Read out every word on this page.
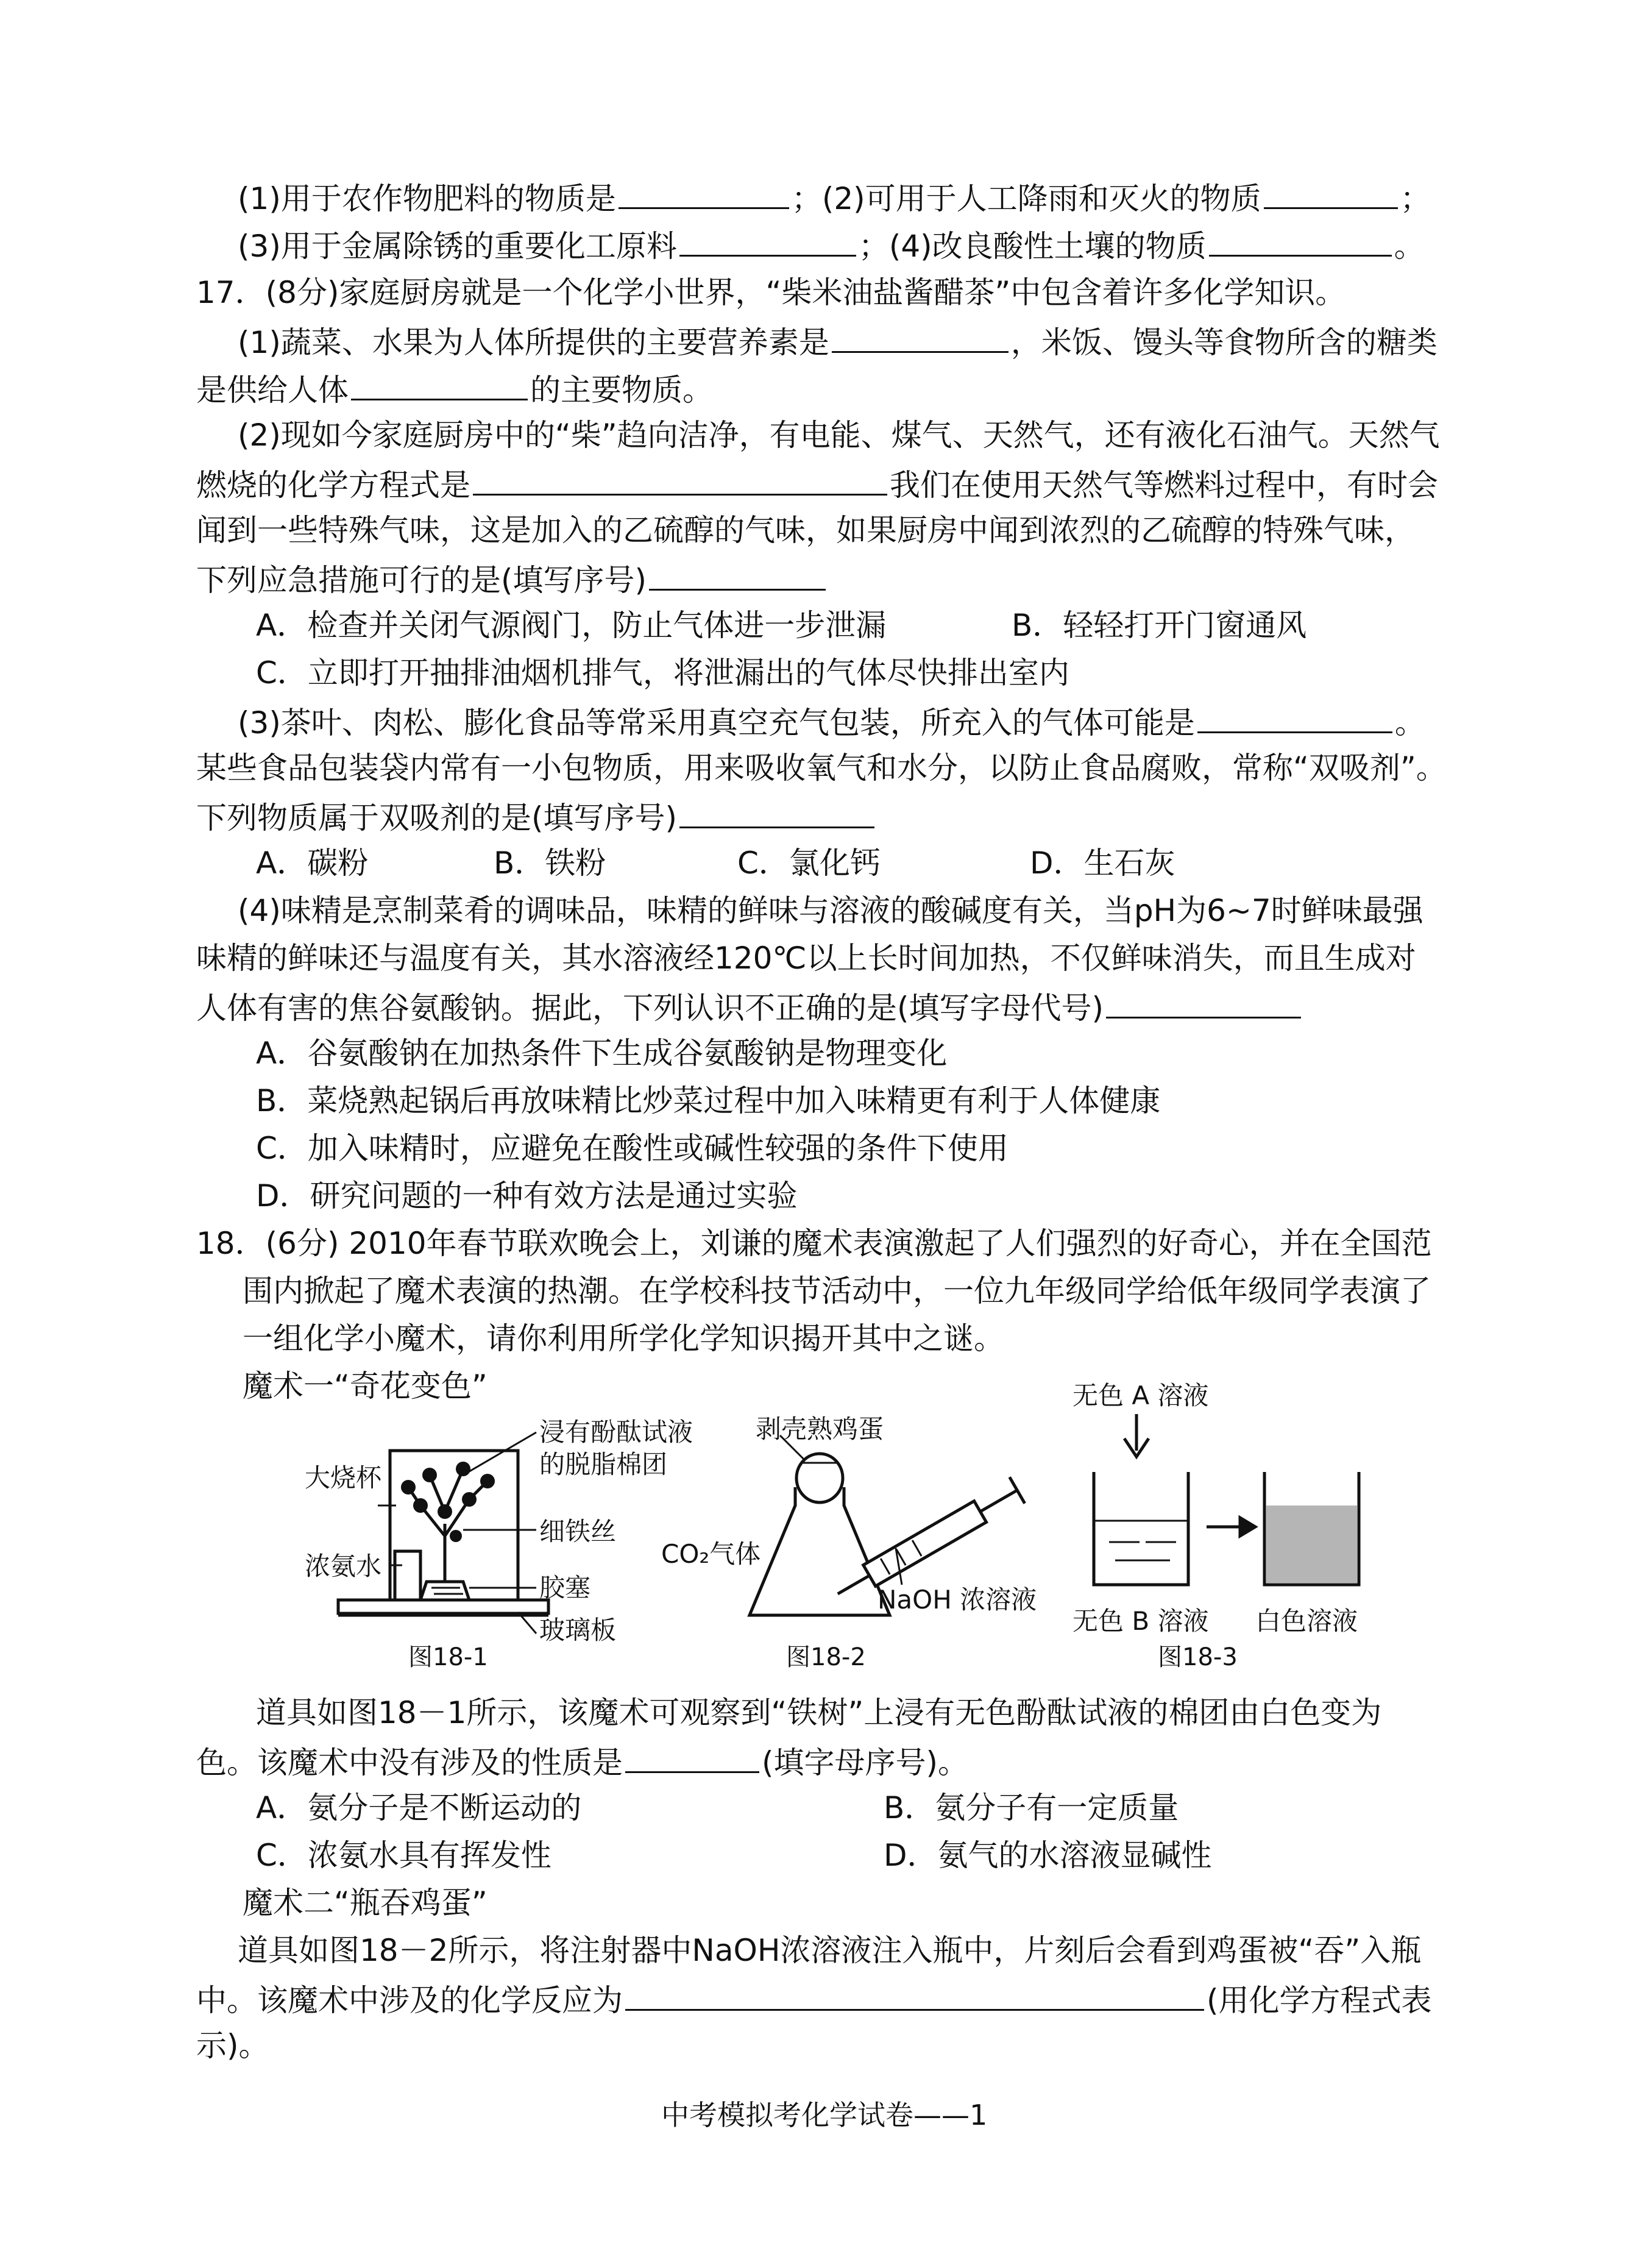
(1)用于农作物肥料的物质是	；(2)可用于人工降雨和灭火的物质	；
(3)用于金属除锈的重要化工原料	；(4)改良酸性土壤的物质	。
17．(8分)家庭厨房就是一个化学小世界，“柴米油盐酱醋茶”中包含着许多化学知识。
(1)蔬菜、水果为人体所提供的主要营养素是	，米饭、馒头等食物所含的糖类
是供给人体	的主要物质。
(2)现如今家庭厨房中的“柴”趋向洁净，有电能、煤气、天然气，还有液化石油气。天然气
燃烧的化学方程式是	我们在使用天然气等燃料过程中，有时会
闻到一些特殊气味，这是加入的乙硫醇的气味，如果厨房中闻到浓烈的乙硫醇的特殊气味，
下列应急措施可行的是(填写序号)
A．检查并关闭气源阀门，防止气体进一步泄漏	B．轻轻打开门窗通风
C．立即打开抽排油烟机排气，将泄漏出的气体尽快排出室内
(3)茶叶、肉松、膨化食品等常采用真空充气包装，所充入的气体可能是	。
某些食品包装袋内常有一小包物质，用来吸收氧气和水分，以防止食品腐败，常称“双吸剂”。
下列物质属于双吸剂的是(填写序号)
A．碳粉	B．铁粉	C．氯化钙	D．生石灰
(4)味精是烹制菜肴的调味品，味精的鲜味与溶液的酸碱度有关，当pH为6~7时鲜味最强
味精的鲜味还与温度有关，其水溶液经120℃以上长时间加热，不仅鲜味消失，而且生成对
人体有害的焦谷氨酸钠。据此，下列认识不正确的是(填写字母代号)
A．谷氨酸钠在加热条件下生成谷氨酸钠是物理变化
B．菜烧熟起锅后再放味精比炒菜过程中加入味精更有利于人体健康
C．加入味精时，应避免在酸性或碱性较强的条件下使用
D．研究问题的一种有效方法是通过实验
18．(6分) 2010年春节联欢晚会上，刘谦的魔术表演激起了人们强烈的好奇心，并在全国范
围内掀起了魔术表演的热潮。在学校科技节活动中，一位九年级同学给低年级同学表演了
一组化学小魔术，请你利用所学化学知识揭开其中之谜。
魔术一“奇花变色”
大烧杯
浸有酚酞试液
的脱脂棉团
细铁丝
浓氨水
胶塞
玻璃板
图18-1
剥壳熟鸡蛋
CO₂气体
NaOH 浓溶液
图18-2
无色 A 溶液
无色 B 溶液 白色溶液
图18-3
道具如图18－1所示，该魔术可观察到“铁树”上浸有无色酚酞试液的棉团由白色变为
色。该魔术中没有涉及的性质是	(填字母序号)。
A．氨分子是不断运动的	B．氨分子有一定质量
C．浓氨水具有挥发性	D．氨气的水溶液显碱性
魔术二“瓶吞鸡蛋”
道具如图18－2所示，将注射器中NaOH浓溶液注入瓶中，片刻后会看到鸡蛋被“吞”入瓶
中。该魔术中涉及的化学反应为	(用化学方程式表
示)。
中考模拟考化学试卷——1
